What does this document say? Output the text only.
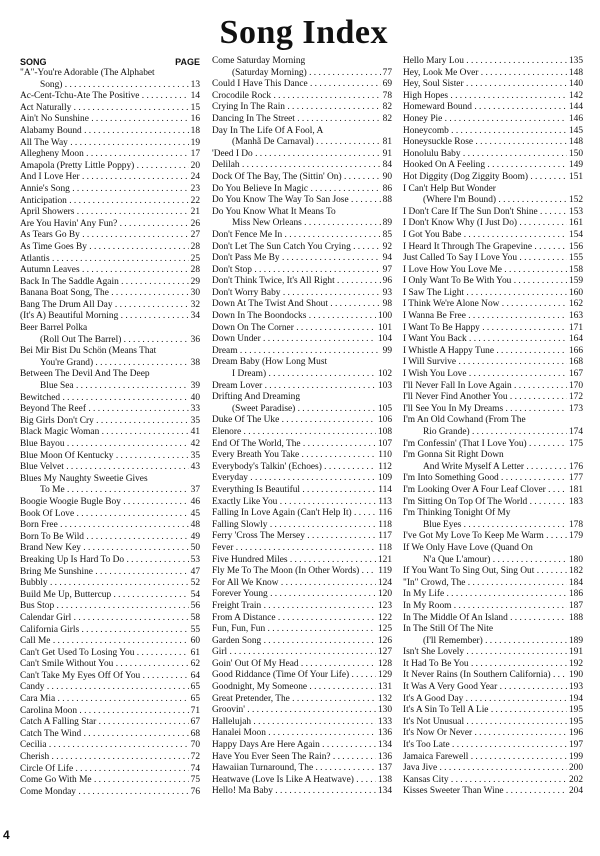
Song Index
SONG	PAGE
"A"-You're Adorable (The Alphabet
Song) . . .	13
Ac-Cent-Tchu-Ate The Positive . . .	14
Act Naturally . . .	15
Ain't No Sunshine . . .	16
Alabamy Bound . . .	18
All The Way . . .	19
Allegheny Moon . . .	17
Amapola (Pretty Little Poppy) . . .	20
And I Love Her . . .	24
Annie's Song . . .	23
Anticipation . . .	22
April Showers . . .	21
Are You Havin' Any Fun? . . .	26
As Tears Go By . . .	27
As Time Goes By . . .	28
Atlantis . . .	25
Autumn Leaves . . .	28
Back In The Saddle Again . . .	29
Banana Boat Song, The . . .	30
Bang The Drum All Day . . .	32
(It's A) Beautiful Morning . . .	34
Beer Barrel Polka
(Roll Out The Barrel) . . .	36
Bei Mir Bist Du Schön (Means That
You're Grand) . . .	38
Between The Devil And The Deep
Blue Sea . . .	39
Bewitched . . .	40
Beyond The Reef . . .	33
Big Girls Don't Cry . . .	35
Black Magic Woman . . .	41
Blue Bayou . . .	42
Blue Moon Of Kentucky . . .	35
Blue Velvet . . .	43
Blues My Naughty Sweetie Gives
To Me . . .	37
Boogie Woogie Bugle Boy . . .	46
Book Of Love . . .	45
Born Free . . .	48
Born To Be Wild . . .	49
Brand New Key . . .	50
Breaking Up Is Hard To Do . . .	53
Bring Me Sunshine . . .	47
Bubbly . . .	52
Build Me Up, Buttercup . . .	54
Bus Stop . . .	56
Calendar Girl . . .	58
California Girls . . .	55
Call Me . . .	60
Can't Get Used To Losing You . . .	61
Can't Smile Without You . . .	62
Can't Take My Eyes Off Of You . . .	64
Candy . . .	65
Cara Mia . . .	65
Carolina Moon . . .	71
Catch A Falling Star . . .	67
Catch The Wind . . .	68
Cecilia . . .	70
Cherish . . .	72
Circle Of Life . . .	74
Come Go With Me . . .	75
Come Monday . . .	76
Come Saturday Morning
(Saturday Morning) . . .	77
Could I Have This Dance . . .	69
Crocodile Rock . . .	78
Crying In The Rain . . .	82
Dancing In The Street . . .	82
Day In The Life Of A Fool, A
(Manhã De Carnaval) . . .	81
'Deed I Do . . .	91
Delilah . . .	84
Dock Of The Bay, The (Sittin' On) . . .	90
Do You Believe In Magic . . .	86
Do You Know The Way To San Jose . . .	88
Do You Know What It Means To
Miss New Orleans . . .	89
Don't Fence Me In . . .	85
Don't Let The Sun Catch You Crying . . .	92
Don't Pass Me By . . .	94
Don't Stop . . .	97
Don't Think Twice, It's All Right . . .	96
Don't Worry Baby . . .	93
Down At The Twist And Shout . . .	98
Down In The Boondocks . . .	100
Down On The Corner . . .	101
Down Under . . .	104
Dream . . .	99
Dream Baby (How Long Must
I Dream) . . .	102
Dream Lover . . .	103
Drifting And Dreaming
(Sweet Paradise) . . .	105
Duke Of The Uke . . .	106
Elenore . . .	108
End Of The World, The . . .	107
Every Breath You Take . . .	110
Everybody's Talkin' (Echoes) . . .	112
Everyday . . .	109
Everything Is Beautiful . . .	114
Exactly Like You . . .	113
Falling In Love Again (Can't Help It) . . .	116
Falling Slowly . . .	118
Ferry 'Cross The Mersey . . .	117
Fever . . .	118
Five Hundred Miles . . .	121
Fly Me To The Moon (In Other Words) . . .	119
For All We Know . . .	124
Forever Young . . .	120
Freight Train . . .	123
From A Distance . . .	122
Fun, Fun, Fun . . .	125
Garden Song . . .	126
Girl . . .	127
Goin' Out Of My Head . . .	128
Good Riddance (Time Of Your Life) . . .	129
Goodnight, My Someone . . .	131
Great Pretender, The . . .	132
Groovin' . . .	130
Hallelujah . . .	133
Hanalei Moon . . .	136
Happy Days Are Here Again . . .	134
Have You Ever Seen The Rain? . . .	136
Hawaiian Turnaround, The . . .	137
Heatwave (Love Is Like A Heatwave) . . .	138
Hello! Ma Baby . . .	134
Hello Mary Lou . . .	135
Hey, Look Me Over . . .	148
Hey, Soul Sister . . .	140
High Hopes . . .	142
Homeward Bound . . .	144
Honey Pie . . .	146
Honeycomb . . .	145
Honeysuckle Rose . . .	148
Honolulu Baby . . .	150
Hooked On A Feeling . . .	149
Hot Diggity (Dog Ziggity Boom) . . .	151
I Can't Help But Wonder
(Where I'm Bound) . . .	152
I Don't Care If The Sun Don't Shine . . .	153
I Don't Know Why (I Just Do) . . .	161
I Got You Babe . . .	154
I Heard It Through The Grapevine . . .	156
Just Called To Say I Love You . . .	155
I Love How You Love Me . . .	158
I Only Want To Be With You . . .	159
I Saw The Light . . .	160
I Think We're Alone Now . . .	162
I Wanna Be Free . . .	163
I Want To Be Happy . . .	171
I Want You Back . . .	164
I Whistle A Happy Tune . . .	166
I Will Survive . . .	168
I Wish You Love . . .	167
I'll Never Fall In Love Again . . .	170
I'll Never Find Another You . . .	172
I'll See You In My Dreams . . .	173
I'm An Old Cowhand (From The
Rio Grande) . . .	174
I'm Confessin' (That I Love You) . . .	175
I'm Gonna Sit Right Down
And Write Myself A Letter . . .	176
I'm Into Something Good . . .	177
I'm Looking Over A Four Leaf Clover . . .	181
I'm Sitting On Top Of The World . . .	183
I'm Thinking Tonight Of My
Blue Eyes . . .	178
I've Got My Love To Keep Me Warm . . .	179
If We Only Have Love (Quand On
N'a Que L'amour) . . .	180
If You Want To Sing Out, Sing Out . . .	182
"In" Crowd, The . . .	184
In My Life . . .	186
In My Room . . .	187
In The Middle Of An Island . . .	188
In The Still Of The Nite
(I'll Remember) . . .	189
Isn't She Lovely . . .	191
It Had To Be You . . .	192
It Never Rains (In Southern California) . . .	190
It Was A Very Good Year . . .	193
It's A Good Day . . .	194
It's A Sin To Tell A Lie . . .	195
It's Not Unusual . . .	195
It's Now Or Never . . .	196
It's Too Late . . .	197
Jamaica Farewell . . .	199
Java Jive . . .	200
Kansas City . . .	202
Kisses Sweeter Than Wine . . .	204
4
